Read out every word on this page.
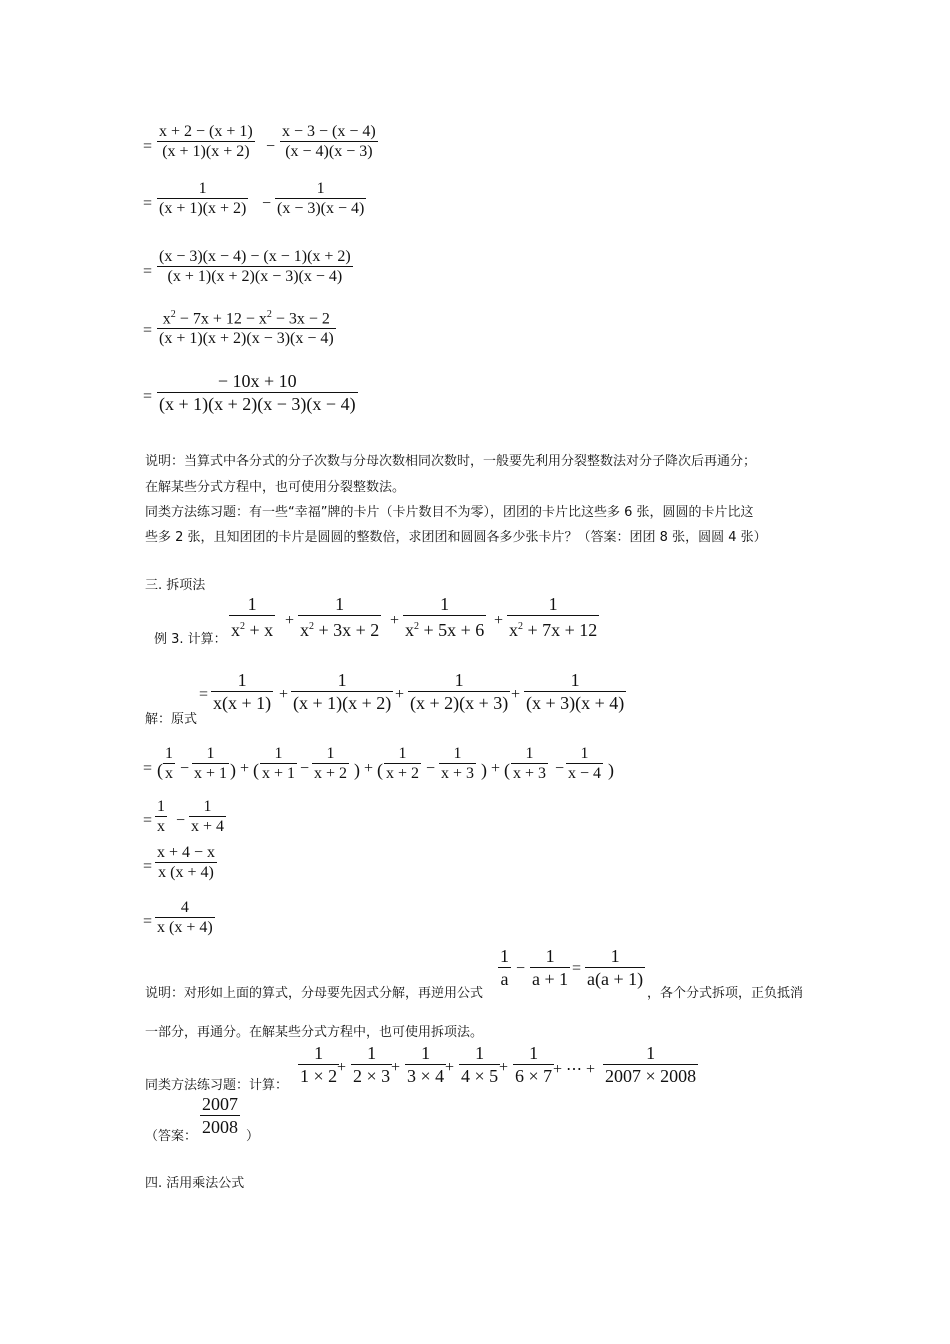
=
x + 2 − (x + 1)
(x + 1)(x + 2) −
x − 3 − (x − 4)
(x − 4)(x − 3)
=
1
(x + 1)(x + 2) −
1
(x − 3)(x − 4)
=
(x − 3)(x − 4) − (x − 1)(x + 2)
(x + 1)(x + 2)(x − 3)(x − 4)
=
$x^2 - 7x + 12 - x^2 - 3x - 2$
(x + 1)(x + 2)(x − 3)(x − 4)
=
− 10x + 10
(x + 1)(x + 2)(x − 3)(x − 4)
说明：当算式中各分式的分子次数与分母次数相同次数时，一般要先利用分裂整数法对分子降次后再通分；
在解某些分式方程中，也可使用分裂整数法。
同类方法练习题：有一些“幸福”牌的卡片（卡片数目不为零），团团的卡片比这些多 6 张，圆圆的卡片比这
些多 2 张，且知团团的卡片是圆圆的整数倍，求团团和圆圆各多少张卡片？（答案：团团 8 张，圆圆 4 张）
三. 拆项法
例 3. 计算：
1
$x^2 + x$ +
1
$x^2 + 3x + 2$ +
1
$x^2 + 5x + 6$ +
1
$x^2 + 7x + 12$
解：原式
=
1
x(x + 1) +
1
(x + 1)(x + 2) +
1
(x + 2)(x + 3) +
1
(x + 3)(x + 4)
= (
1
x −
1
x + 1 ) + (
1
x + 1 −
1
x + 2 ) + (
1
x + 2 −
1
x + 3 ) + (
1
x + 3 −
1
x − 4 )
=
1
x −
1
x + 4
=
x + 4 − x
x (x + 4)
=
4
x (x + 4)
1
a
−
1
a + 1
=
1
a(a + 1)
说明：对形如上面的算式，分母要先因式分解，再逆用公式	，各个分式拆项，正负抵消
一部分，再通分。在解某些分式方程中，也可使用拆项法。
同类方法练习题：计算：
1
1 × 2 +
1
2 × 3 +
1
3 × 4 +
1
4 × 5 +
1
6 × 7 + ⋯ +
1
2007 × 2008
（答案：
2007
2008 ）
四. 活用乘法公式
